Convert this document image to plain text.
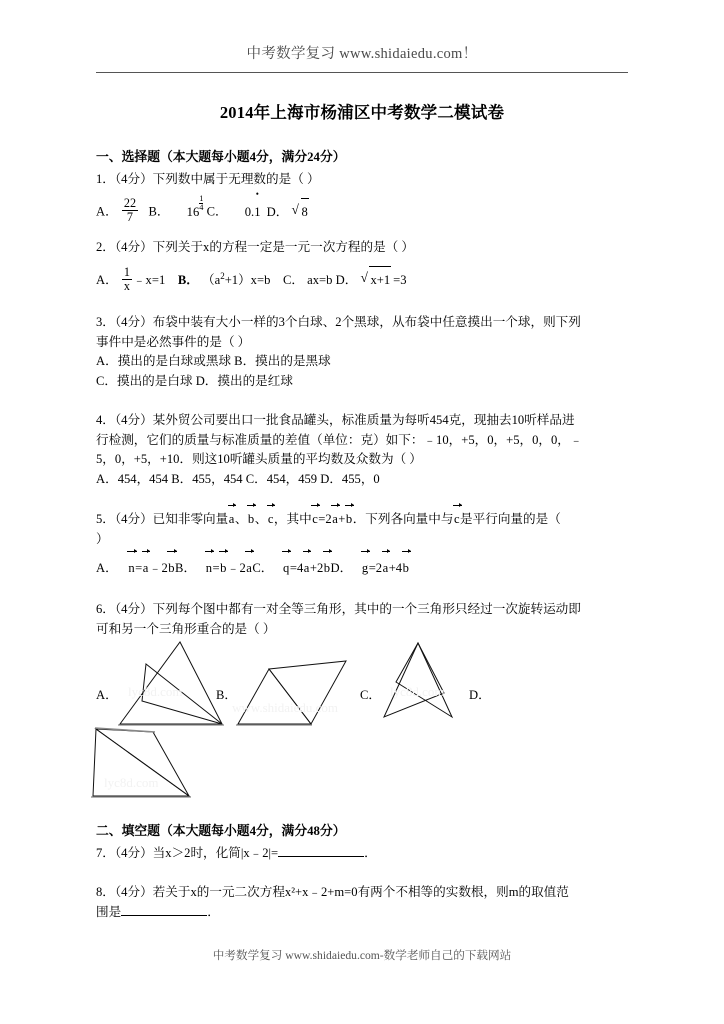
中考数学复习 www.shidaiedu.com！
2014年上海市杨浦区中考数学二模试卷

一、选择题（本大题每小题4分，满分24分）

1．（4分）下列数中属于无理数的是（ ）

A． $\frac{22}{7}$ B． $16 \frac{1}{4}$ C． 0.• 1 D． √ 8

2．（4分）下列关于x的方程一定是一元一次方程的是（ ）

A． $\frac{1}{x}$ ﹣x=1 B． $(a^2+1)x=b$ C． ax=b D． √ x+1 =3

3．（4分）布袋中装有大小一样的3个白球、2个黑球，从布袋中任意摸出一个球，则下列

事件中是必然事件的是（ ）

A．摸出的是白球或黑球 B．摸出的是黑球

C．摸出的是白球 D．摸出的是红球

4．（4分）某外贸公司要出口一批食品罐头，标准质量为每听454克，现抽去10听样品进

行检测，它们的质量与标准质量的差值（单位：克）如下：﹣10，+5，0，+5，0，0，﹣

5，0，+5，+10．则这10听罐头质量的平均数及众数为（ ）

A．454，454 B．455，454 C．454，459 D．455，0

5．（4分）已知非零向量a、b、c，其中c=2a+b．下列各向量中与c是平行向量的是（

）

A． n=a﹣2bB． n=b﹣2aC． q=4a+2bD． g=2a+4b

6．（4分）下列每个图中都有一对全等三角形，其中的一个三角形只经过一次旋转运动即

可和另一个三角形重合的是（ ）

A．	B．	C．	D．

二、填空题（本大题每小题4分，满分48分）

7．（4分）当x＞2时，化简|x﹣2|=	．

8．（4分）若关于x的一元二次方程x²+x﹣2+m=0有两个不相等的实数根，则m的取值范

围是	．

lyc8d.com
www.shidaiedu.com
lyc8d.com
lyc8d.com
中考数学复习 www.shidaiedu.com-数学老师自己的下载网站
